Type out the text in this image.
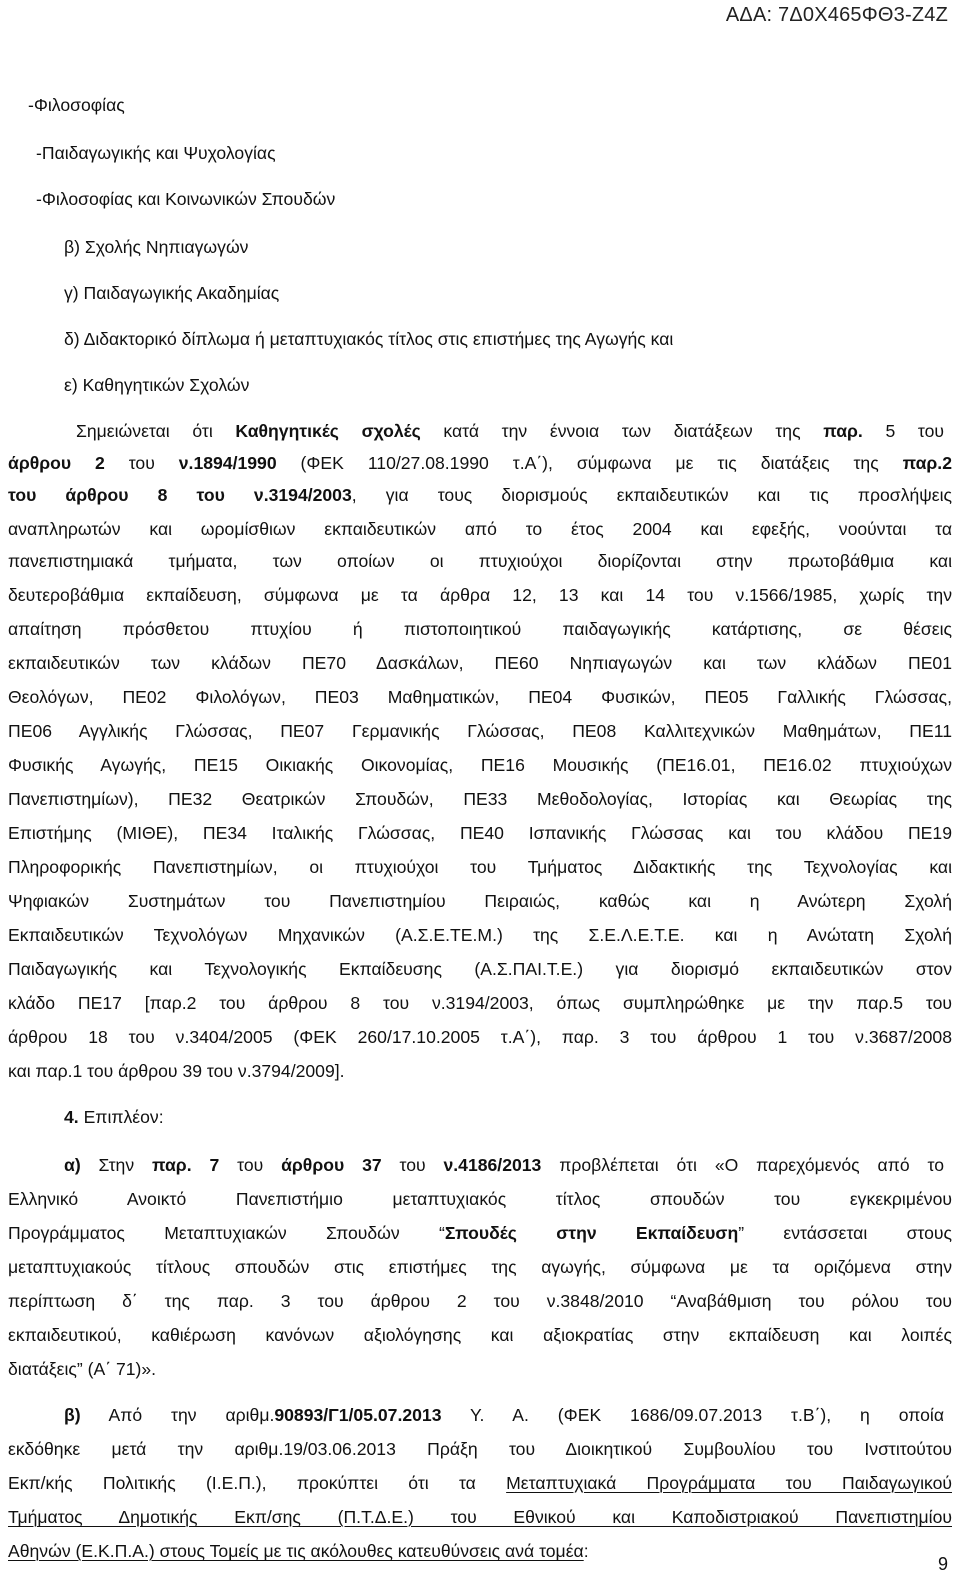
ΑΔΑ: 7Δ0Χ465ΦΘ3-Ζ4Ζ
-Φιλοσοφίας
-Παιδαγωγικής και Ψυχολογίας
-Φιλοσοφίας και Κοινωνικών Σπουδών
β) Σχολής Νηπιαγωγών
γ) Παιδαγωγικής Ακαδημίας
δ) Διδακτορικό δίπλωμα ή μεταπτυχιακός τίτλος στις επιστήμες της Αγωγής και
ε) Καθηγητικών Σχολών
Σημειώνεται ότι Καθηγητικές σχολές κατά την έννοια των διατάξεων της παρ. 5 του
άρθρου 2 του ν.1894/1990 (ΦΕΚ 110/27.08.1990 τ.Α΄), σύμφωνα με τις διατάξεις της παρ.2
του άρθρου 8 του ν.3194/2003, για τους διορισμούς εκπαιδευτικών και τις προσλήψεις
αναπληρωτών και ωρομίσθιων εκπαιδευτικών από το έτος 2004 και εφεξής, νοούνται τα
πανεπιστημιακά τμήματα, των οποίων οι πτυχιούχοι διορίζονται στην πρωτοβάθμια και
δευτεροβάθμια εκπαίδευση, σύμφωνα με τα άρθρα 12, 13 και 14 του ν.1566/1985, χωρίς την
απαίτηση πρόσθετου πτυχίου ή πιστοποιητικού παιδαγωγικής κατάρτισης, σε θέσεις
εκπαιδευτικών των κλάδων ΠΕ70 Δασκάλων, ΠΕ60 Νηπιαγωγών και των κλάδων ΠΕ01
Θεολόγων, ΠΕ02 Φιλολόγων, ΠΕ03 Μαθηματικών, ΠΕ04 Φυσικών, ΠΕ05 Γαλλικής Γλώσσας,
ΠΕ06 Αγγλικής Γλώσσας, ΠΕ07 Γερμανικής Γλώσσας, ΠΕ08 Καλλιτεχνικών Μαθημάτων, ΠΕ11
Φυσικής Αγωγής, ΠΕ15 Οικιακής Οικονομίας, ΠΕ16 Μουσικής (ΠΕ16.01, ΠΕ16.02 πτυχιούχων
Πανεπιστημίων), ΠΕ32 Θεατρικών Σπουδών, ΠΕ33 Μεθοδολογίας, Ιστορίας και Θεωρίας της
Επιστήμης (ΜΙΘΕ), ΠΕ34 Ιταλικής Γλώσσας, ΠΕ40 Ισπανικής Γλώσσας και του κλάδου ΠΕ19
Πληροφορικής Πανεπιστημίων, οι πτυχιούχοι του Τμήματος Διδακτικής της Τεχνολογίας και
Ψηφιακών Συστημάτων του Πανεπιστημίου Πειραιώς, καθώς και η Ανώτερη Σχολή
Εκπαιδευτικών Τεχνολόγων Μηχανικών (Α.Σ.Ε.ΤΕ.Μ.) της Σ.Ε.Λ.Ε.Τ.Ε. και η Ανώτατη Σχολή
Παιδαγωγικής και Τεχνολογικής Εκπαίδευσης (Α.Σ.ΠΑΙ.Τ.Ε.) για διορισμό εκπαιδευτικών στον
κλάδο ΠΕ17 [παρ.2 του άρθρου 8 του ν.3194/2003, όπως συμπληρώθηκε με την παρ.5 του
άρθρου 18 του ν.3404/2005 (ΦΕΚ 260/17.10.2005 τ.Α΄), παρ. 3 του άρθρου 1 του ν.3687/2008
και παρ.1 του άρθρου 39 του ν.3794/2009].
4. Επιπλέον:
α) Στην παρ. 7 του άρθρου 37 του ν.4186/2013 προβλέπεται ότι «Ο παρεχόμενός από το
Ελληνικό Ανοικτό Πανεπιστήμιο μεταπτυχιακός τίτλος σπουδών του εγκεκριμένου
Προγράμματος Μεταπτυχιακών Σπουδών “Σπουδές στην Εκπαίδευση” εντάσσεται στους
μεταπτυχιακούς τίτλους σπουδών στις επιστήμες της αγωγής, σύμφωνα με τα οριζόμενα στην
περίπτωση δ΄ της παρ. 3 του άρθρου 2 του ν.3848/2010 “Αναβάθμιση του ρόλου του
εκπαιδευτικού, καθιέρωση κανόνων αξιολόγησης και αξιοκρατίας στην εκπαίδευση και λοιπές
διατάξεις” (Α΄ 71)».
β) Από την αριθμ.90893/Γ1/05.07.2013 Υ. Α. (ΦΕΚ 1686/09.07.2013 τ.Β΄), η οποία
εκδόθηκε μετά την αριθμ.19/03.06.2013 Πράξη του Διοικητικού Συμβουλίου του Ινστιτούτου
Εκπ/κής Πολιτικής (Ι.Ε.Π.), προκύπτει ότι τα Μεταπτυχιακά Προγράμματα του Παιδαγωγικού
Τμήματος Δημοτικής Εκπ/σης (Π.Τ.Δ.Ε.) του Εθνικού και Καποδιστριακού Πανεπιστημίου
Αθηνών (Ε.Κ.Π.Α.) στους Τομείς με τις ακόλουθες κατευθύνσεις ανά τομέα:
9
